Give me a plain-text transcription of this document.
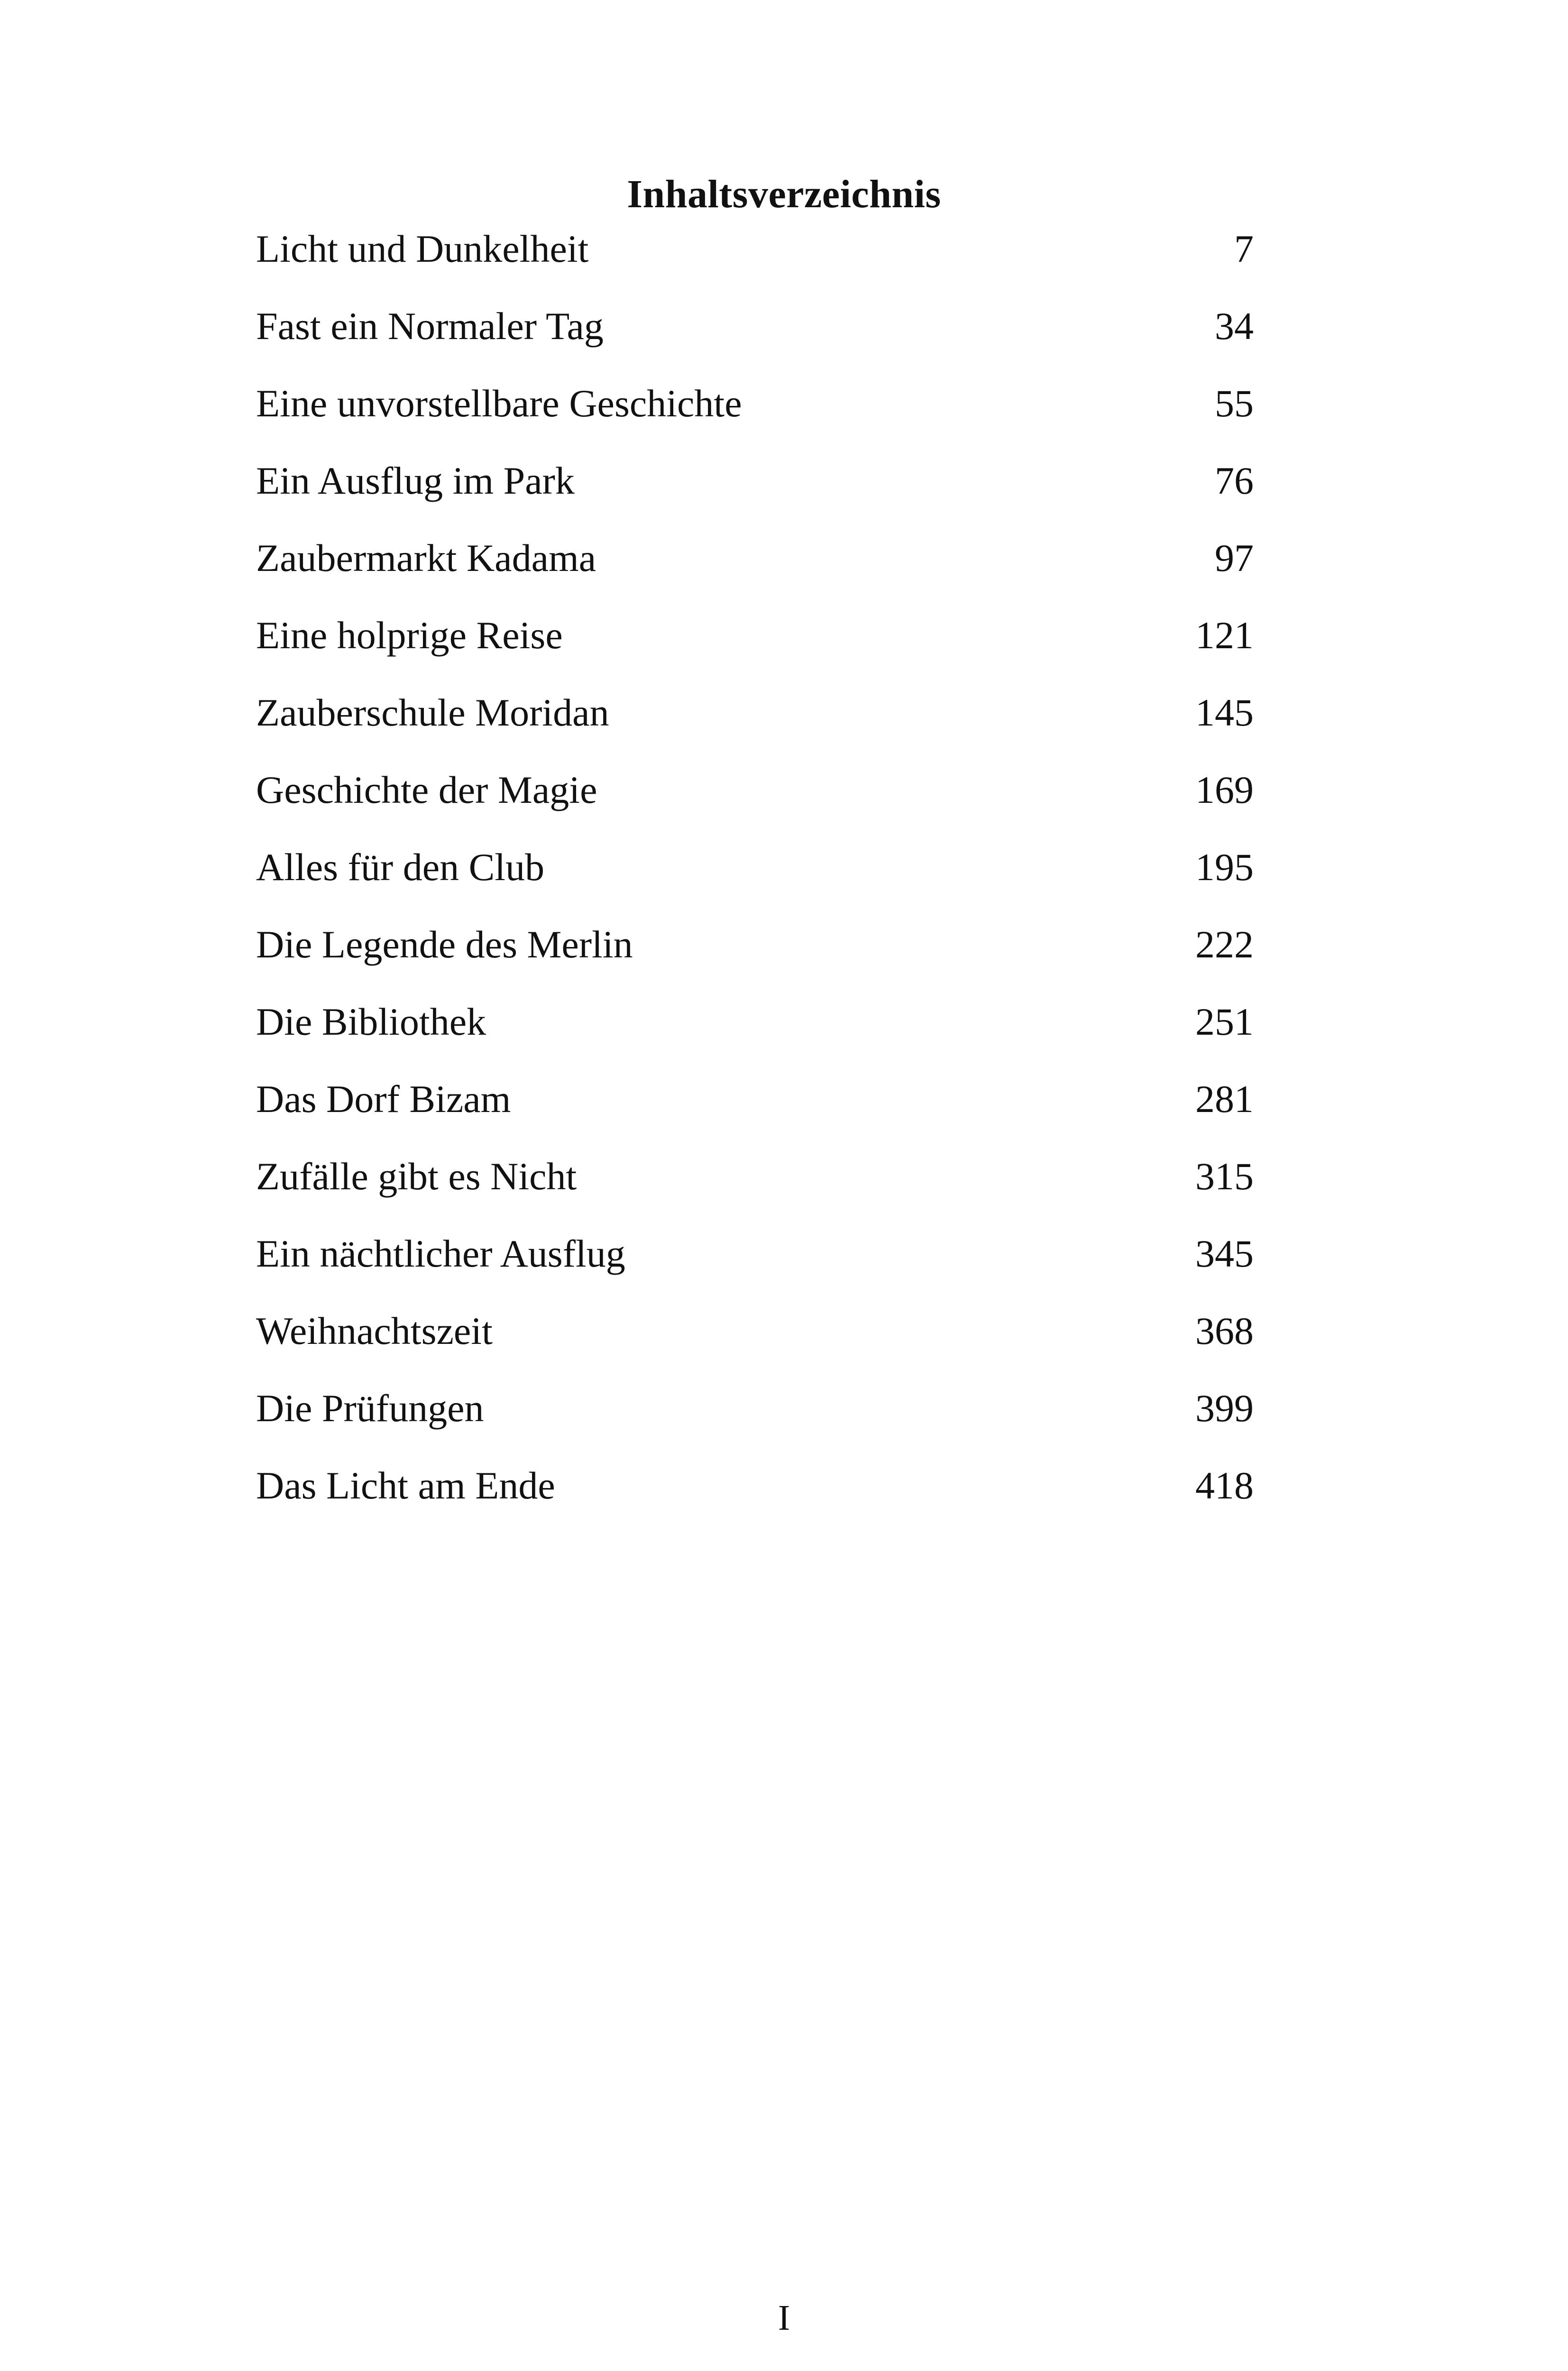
Inhaltsverzeichnis
Licht und Dunkelheit	7
Fast ein Normaler Tag	34
Eine unvorstellbare Geschichte	55
Ein Ausflug im Park	76
Zaubermarkt Kadama	97
Eine holprige Reise	121
Zauberschule Moridan	145
Geschichte der Magie	169
Alles für den Club	195
Die Legende des Merlin	222
Die Bibliothek	251
Das Dorf Bizam	281
Zufälle gibt es Nicht	315
Ein nächtlicher Ausflug	345
Weihnachtszeit	368
Die Prüfungen	399
Das Licht am Ende	418
I
